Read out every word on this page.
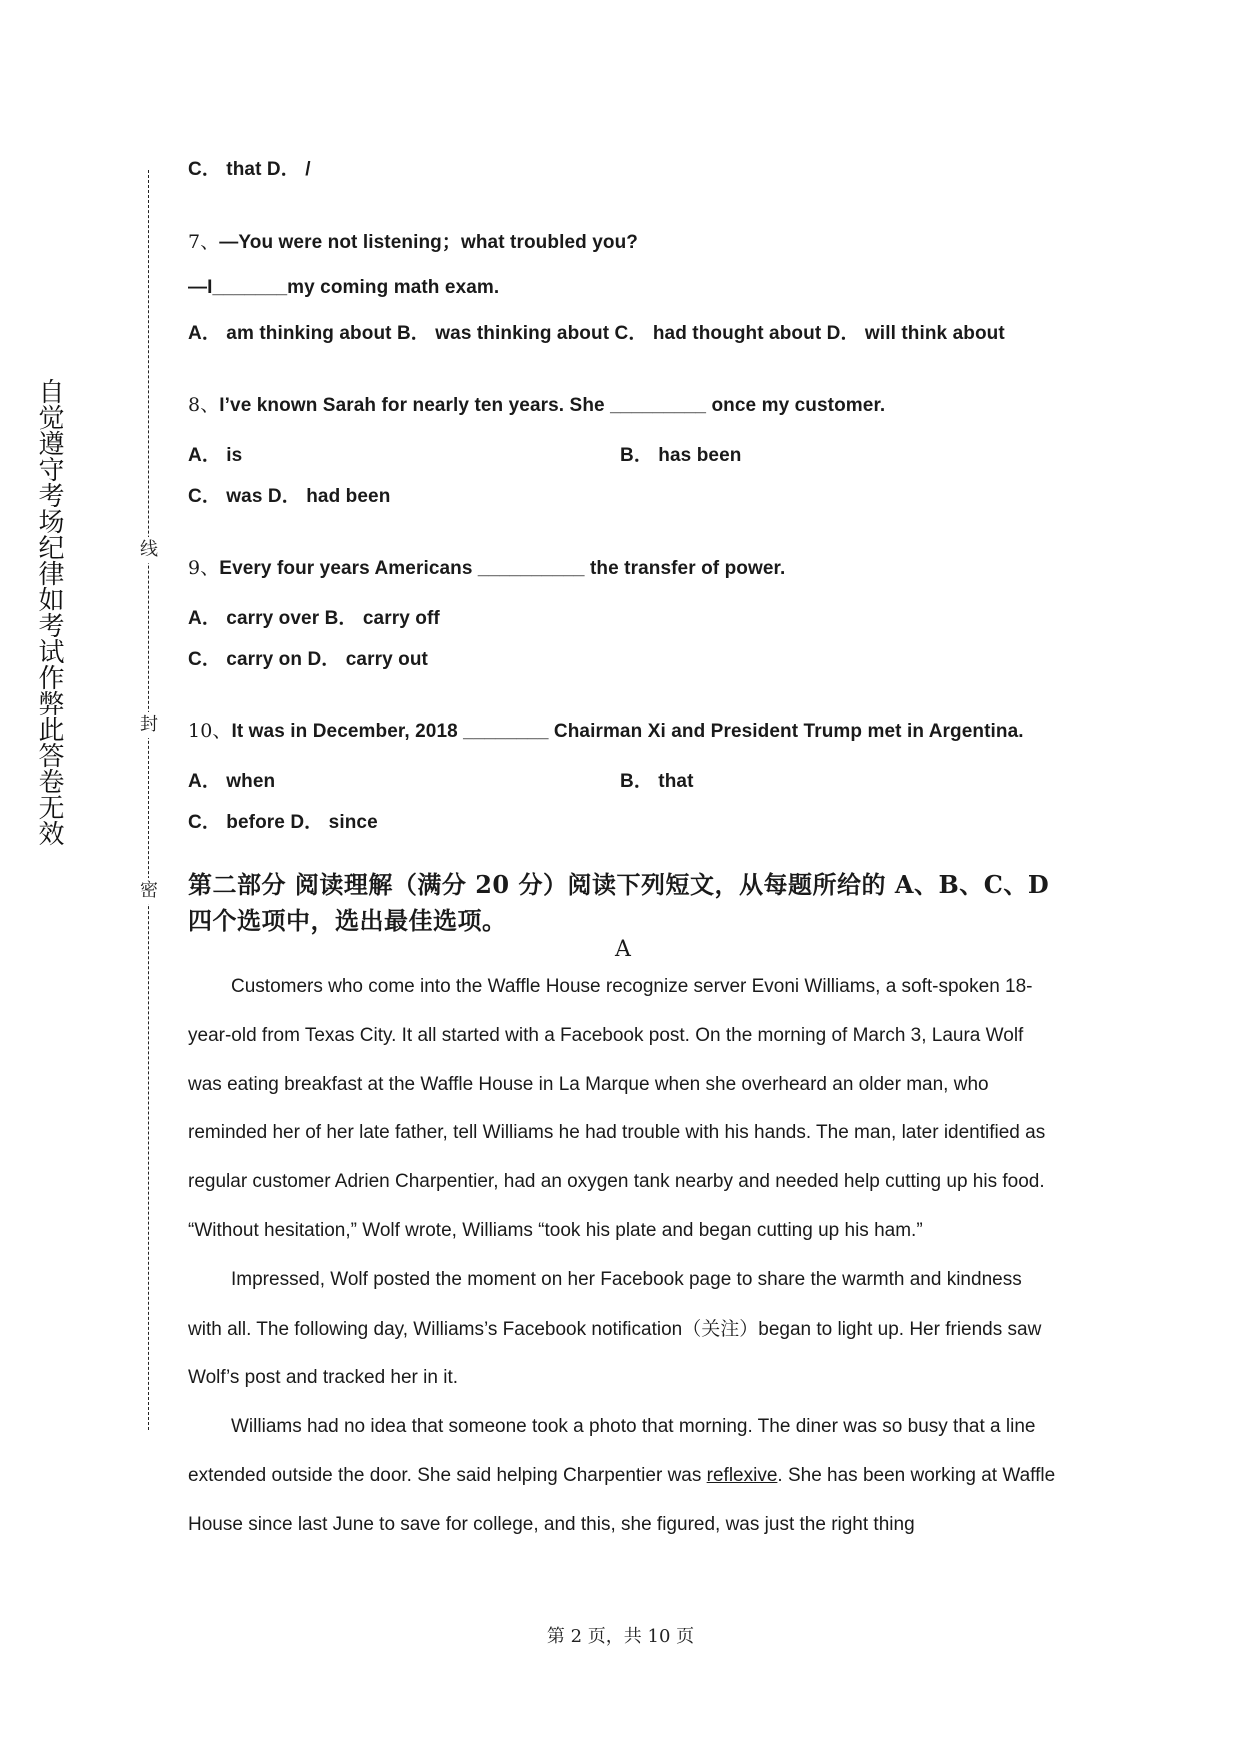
自觉遵守考场纪律如考试作弊此答卷无效	线
封
密
C． that D． /
7、—You were not listening；what troubled you?
—I_______my coming math exam.
A． am thinking about B． was thinking about C． had thought about D． will think about
8、I’ve known Sarah for nearly ten years. She _________ once my customer.
A． is	B． has been
C． was D． had been
9、Every four years Americans __________ the transfer of power.
A． carry over B． carry off
C． carry on D． carry out
10、It was in December, 2018 ________ Chairman Xi and President Trump met in Argentina.
A． when	B． that
C． before D． since
第二部分 阅读理解（满分 20 分）阅读下列短文，从每题所给的 A、B、C、D 四个选项中，选出最佳选项。
A

Customers who come into the Waffle House recognize server Evoni Williams, a soft-spoken 18-year-old from Texas City. It all started with a Facebook post. On the morning of March 3, Laura Wolf was eating breakfast at the Waffle House in La Marque when she overheard an older man, who reminded her of her late father, tell Williams he had trouble with his hands. The man, later identified as regular customer Adrien Charpentier, had an oxygen tank nearby and needed help cutting up his food. “Without hesitation,” Wolf wrote, Williams “took his plate and began cutting up his ham.”

Impressed, Wolf posted the moment on her Facebook page to share the warmth and kindness with all. The following day, Williams’s Facebook notification（关注）began to light up. Her friends saw Wolf’s post and tracked her in it.

Williams had no idea that someone took a photo that morning. The diner was so busy that a line extended outside the door. She said helping Charpentier was reflexive. She has been working at Waffle House since last June to save for college, and this, she figured, was just the right thing

第 2 页，共 10 页
